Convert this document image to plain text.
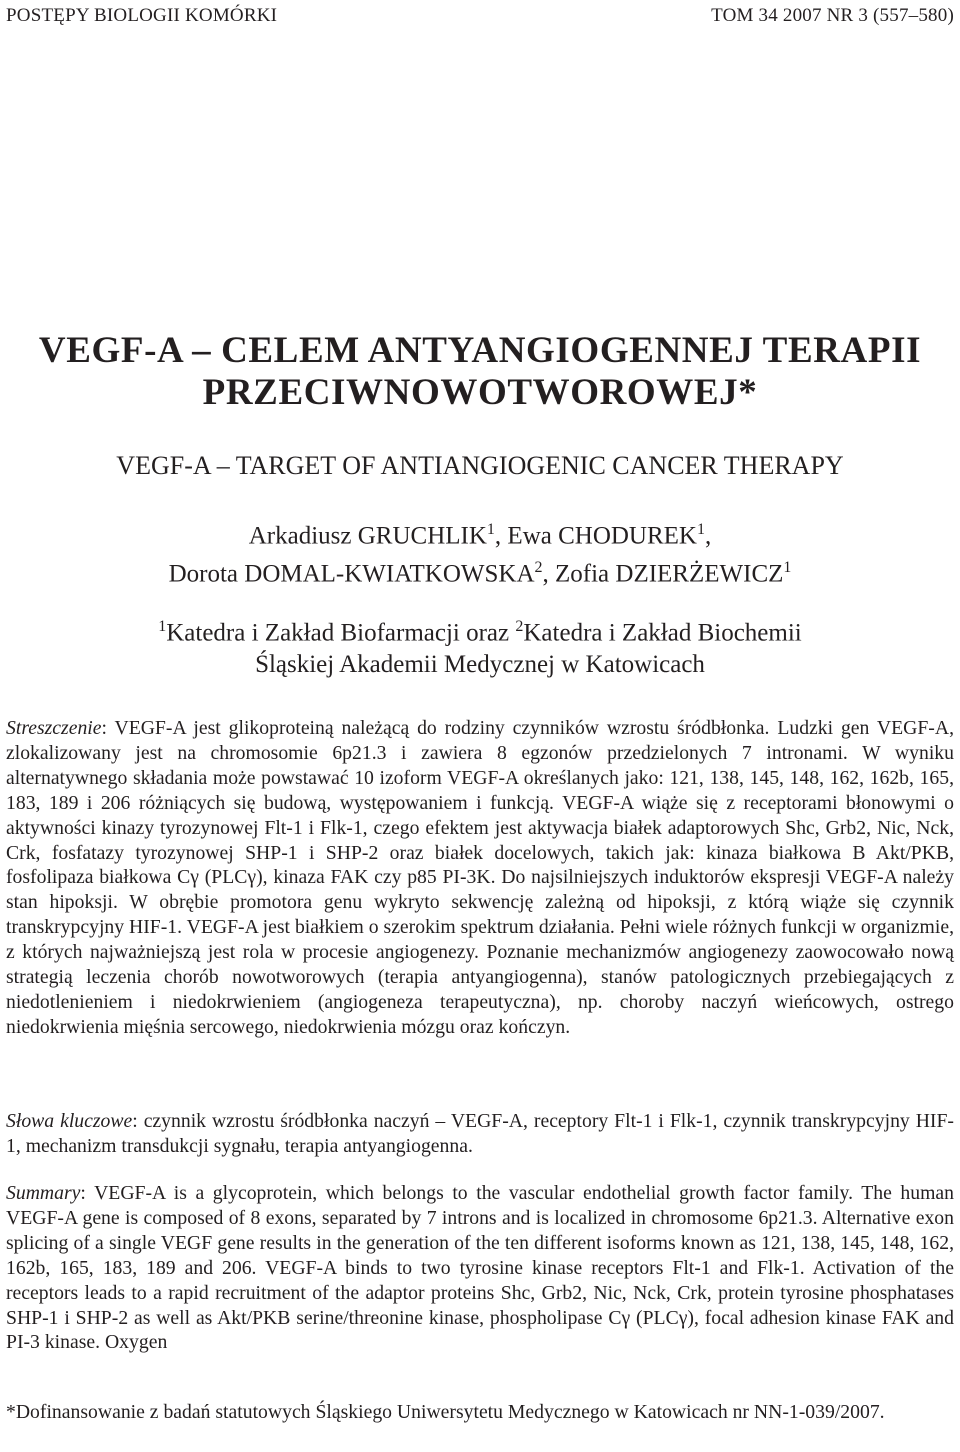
POSTĘPY BIOLOGII KOMÓRKI	TOM 34 2007 NR 3 (557–580)
VEGF-A – CELEM ANTYANGIOGENNEJ TERAPII
PRZECIWNOWOTWOROWEJ*
VEGF-A – TARGET OF ANTIANGIOGENIC CANCER THERAPY
Arkadiusz GRUCHLIK$^1$, Ewa CHODUREK$^1$,
Dorota DOMAL-KWIATKOWSKA$^2$, Zofia DZIERŻEWICZ$^1$
$^1$Katedra i Zakład Biofarmacji oraz $^2$Katedra i Zakład Biochemii
Śląskiej Akademii Medycznej w Katowicach
Streszczenie: VEGF-A jest glikoproteiną należącą do rodziny czynników wzrostu śródbłonka. Ludzki gen VEGF-A, zlokalizowany jest na chromosomie 6p21.3 i zawiera 8 egzonów przedzielonych 7 intronami. W wyniku alternatywnego składania może powstawać 10 izoform VEGF-A określanych jako: 121, 138, 145, 148, 162, 162b, 165, 183, 189 i 206 różniących się budową, występowaniem i funkcją. VEGF-A wiąże się z receptorami błonowymi o aktywności kinazy tyrozynowej Flt-1 i Flk-1, czego efektem jest aktywacja białek adaptorowych Shc, Grb2, Nic, Nck, Crk, fosfatazy tyrozynowej SHP-1 i SHP-2 oraz białek docelowych, takich jak: kinaza białkowa B Akt/PKB, fosfolipaza białkowa Cγ (PLCγ), kinaza FAK czy p85 PI-3K. Do najsilniejszych induktorów ekspresji VEGF-A należy stan hipoksji. W obrębie promotora genu wykryto sekwencję zależną od hipoksji, z którą wiąże się czynnik transkrypcyjny HIF-1. VEGF-A jest białkiem o szerokim spektrum działania. Pełni wiele różnych funkcji w organizmie, z których najważniejszą jest rola w procesie angiogenezy. Poznanie mechanizmów angiogenezy zaowocowało nową strategią leczenia chorób nowotworowych (terapia antyangiogenna), stanów patologicznych przebiegających z niedotlenieniem i niedokrwieniem (angiogeneza terapeutyczna), np. choroby naczyń wieńcowych, ostrego niedokrwienia mięśnia sercowego, niedokrwienia mózgu oraz kończyn.
Słowa kluczowe: czynnik wzrostu śródbłonka naczyń – VEGF-A, receptory Flt-1 i Flk-1, czynnik transkrypcyjny HIF-1, mechanizm transdukcji sygnału, terapia antyangiogenna.
Summary: VEGF-A is a glycoprotein, which belongs to the vascular endothelial growth factor family. The human VEGF-A gene is composed of 8 exons, separated by 7 introns and is localized in chromosome 6p21.3. Alternative exon splicing of a single VEGF gene results in the generation of the ten different isoforms known as 121, 138, 145, 148, 162, 162b, 165, 183, 189 and 206. VEGF-A binds to two tyrosine kinase receptors Flt-1 and Flk-1. Activation of the receptors leads to a rapid recruitment of the adaptor proteins Shc, Grb2, Nic, Nck, Crk, protein tyrosine phosphatases SHP-1 i SHP-2 as well as Akt/PKB serine/threonine kinase, phospholipase Cγ (PLCγ), focal adhesion kinase FAK and PI-3 kinase. Oxygen
*Dofinansowanie z badań statutowych Śląskiego Uniwersytetu Medycznego w Katowicach nr NN-1-039/2007.
